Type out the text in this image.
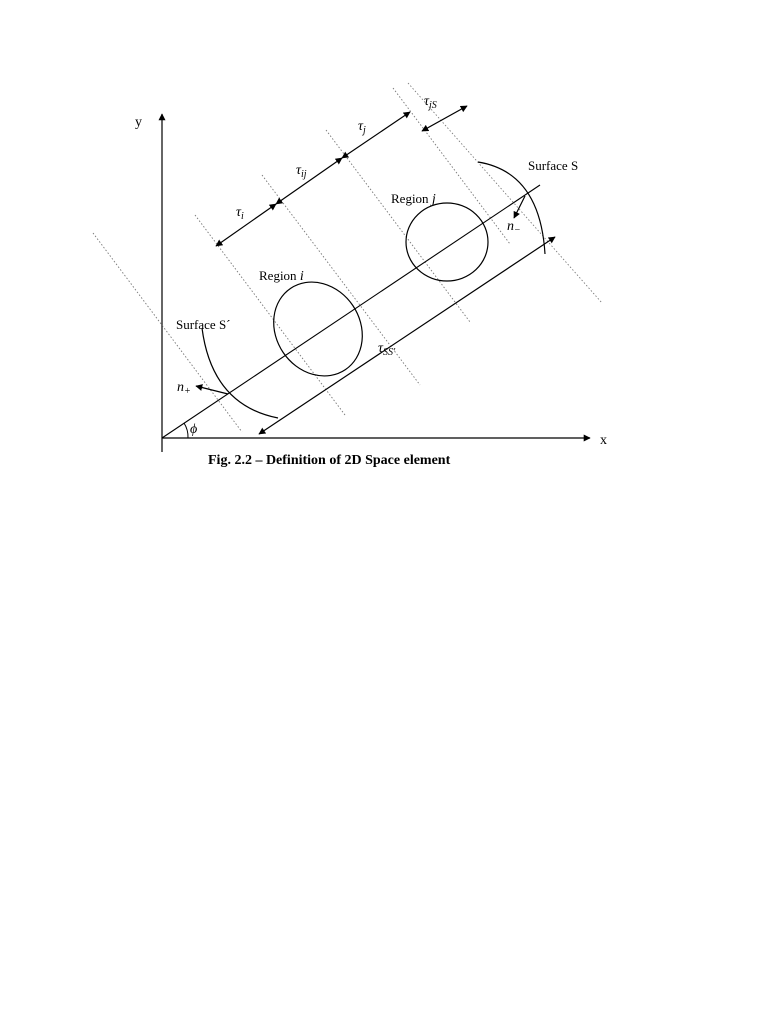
x
y
ϕ
Surface S
Surface S´
Region i
Region j
$n_+$
$n_-$
$\tau_i$
$\tau_{ij}$
$\tau_j$
$\tau_{jS}$
$\tau_{SS'}$
Fig. 2.2 – Definition of 2D Space element
